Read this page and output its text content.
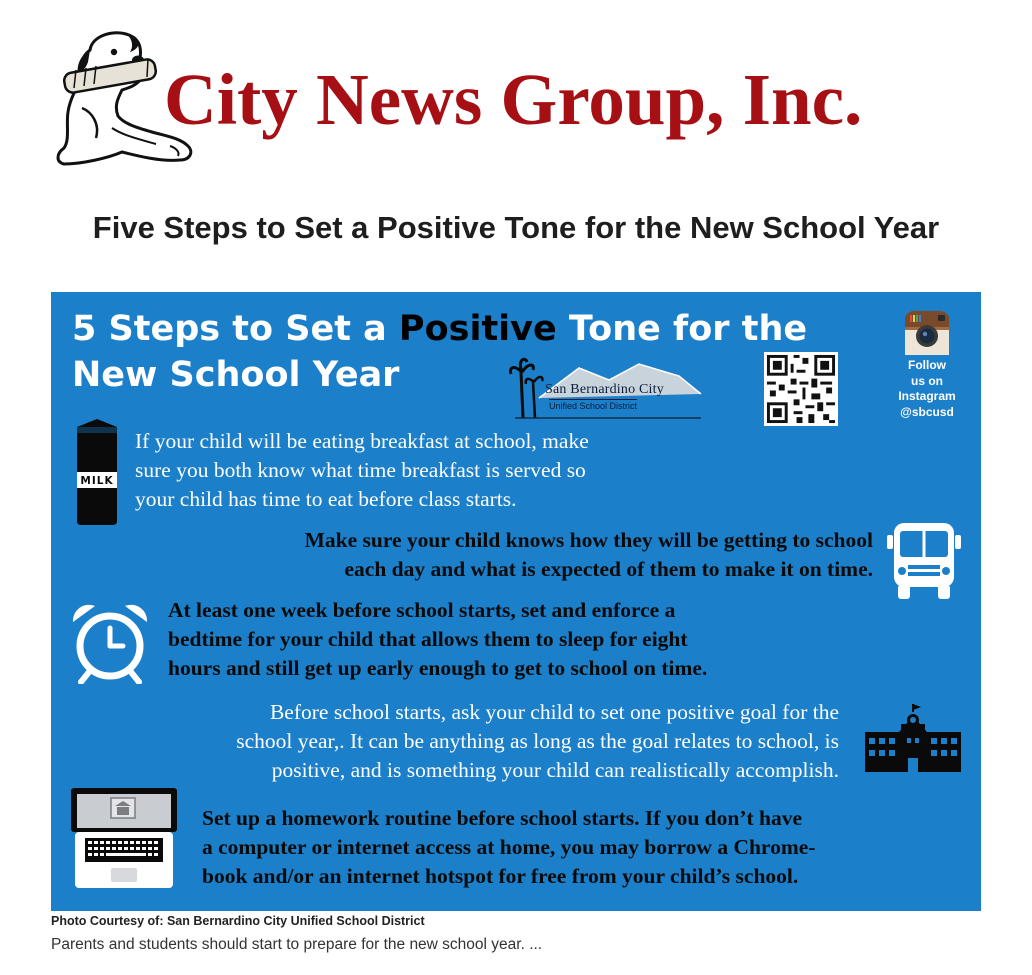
City News Group, Inc.
Five Steps to Set a Positive Tone for the New School Year
5 Steps to Set a Positive Tone for the
New School Year	San Bernardino City
Unified School District
Follow
us on
Instagram
@sbcusd
MILK
If your child will be eating breakfast at school, make
sure you both know what time breakfast is served so
your child has time to eat before class starts.
Make sure your child knows how they will be getting to school
each day and what is expected of them to make it on time.
At least one week before school starts, set and enforce a
bedtime for your child that allows them to sleep for eight
hours and still get up early enough to get to school on time.
Before school starts, ask your child to set one positive goal for the
school year,. It can be anything as long as the goal relates to school, is
positive, and is something your child can realistically accomplish.
Set up a homework routine before school starts. If you don’t have
a computer or internet access at home, you may borrow a Chrome-
book and/or an internet hotspot for free from your child’s school.
Photo Courtesy of: San Bernardino City Unified School District
Parents and students should start to prepare for the new school year. ...
